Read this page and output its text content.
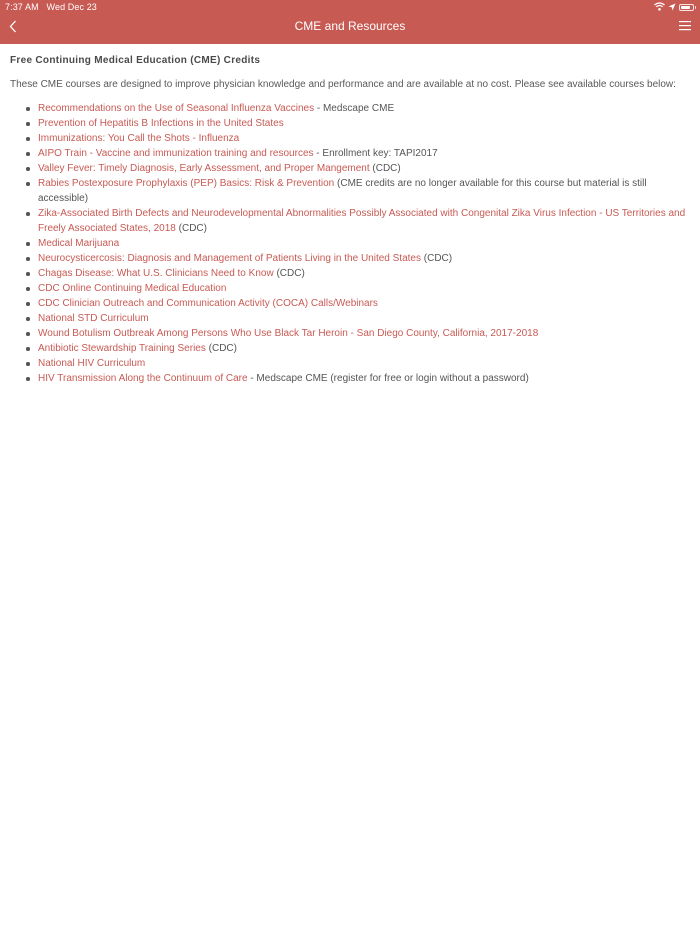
7:37 AM Wed Dec 23
CME and Resources
Free Continuing Medical Education (CME) Credits
These CME courses are designed to improve physician knowledge and performance and are available at no cost. Please see available courses below:
Recommendations on the Use of Seasonal Influenza Vaccines - Medscape CME
Prevention of Hepatitis B Infections in the United States
Immunizations: You Call the Shots - Influenza
AIPO Train - Vaccine and immunization training and resources - Enrollment key: TAPI2017
Valley Fever: Timely Diagnosis, Early Assessment, and Proper Mangement (CDC)
Rabies Postexposure Prophylaxis (PEP) Basics: Risk & Prevention (CME credits are no longer available for this course but material is still accessible)
Zika-Associated Birth Defects and Neurodevelopmental Abnormalities Possibly Associated with Congenital Zika Virus Infection - US Territories and Freely Associated States, 2018 (CDC)
Medical Marijuana
Neurocysticercosis: Diagnosis and Management of Patients Living in the United States (CDC)
Chagas Disease: What U.S. Clinicians Need to Know (CDC)
CDC Online Continuing Medical Education
CDC Clinician Outreach and Communication Activity (COCA) Calls/Webinars
National STD Curriculum
Wound Botulism Outbreak Among Persons Who Use Black Tar Heroin - San Diego County, California, 2017-2018
Antibiotic Stewardship Training Series (CDC)
National HIV Curriculum
HIV Transmission Along the Continuum of Care - Medscape CME (register for free or login without a password)
